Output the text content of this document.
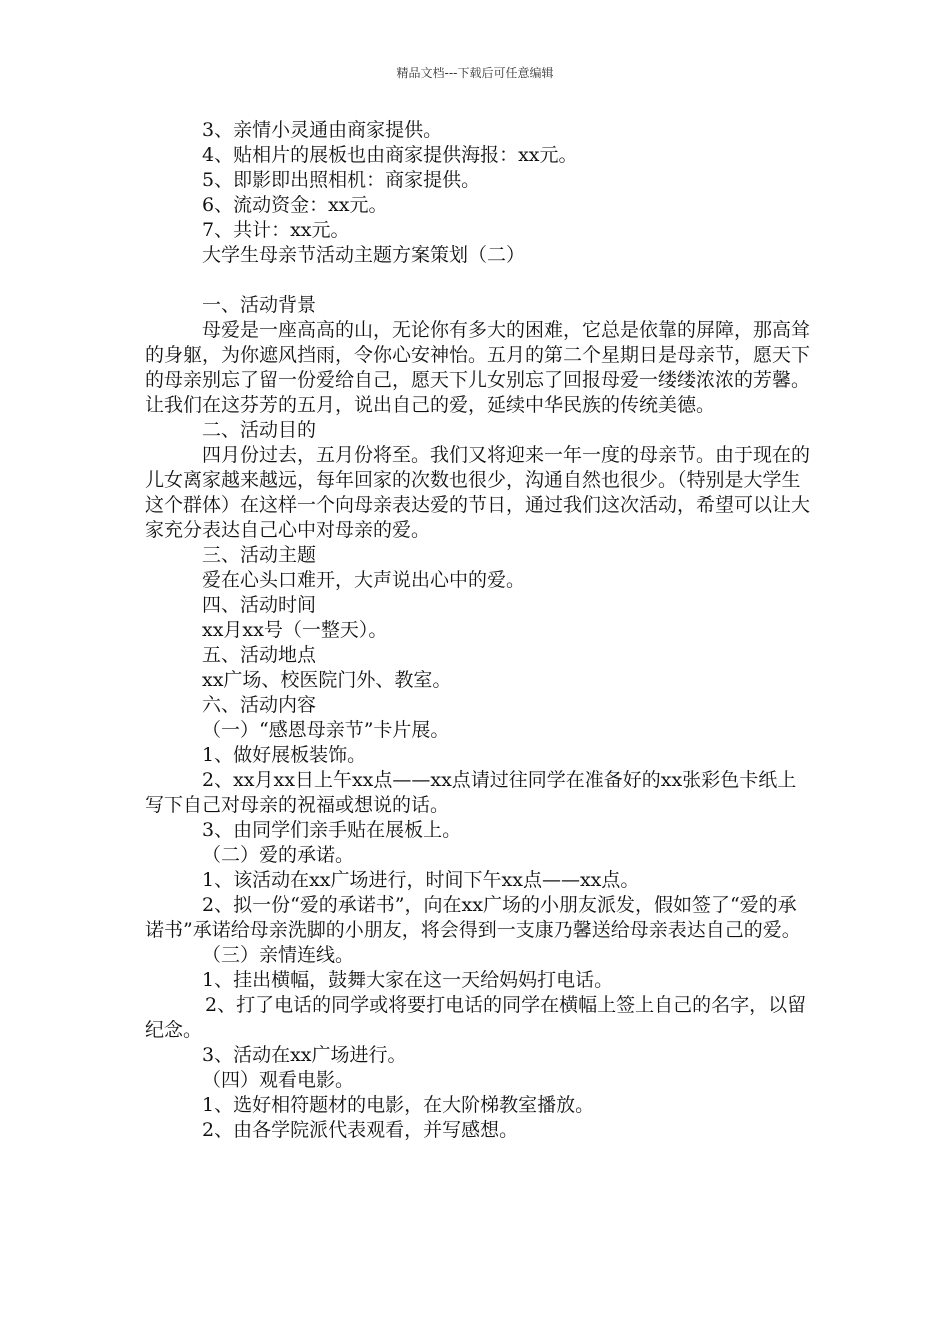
精品文档---下载后可任意编辑

3、亲情小灵通由商家提供。

4、贴相片的展板也由商家提供海报：xx元。

5、即影即出照相机：商家提供。

6、流动资金：xx元。

7、共计：xx元。

大学生母亲节活动主题方案策划（二）

一、活动背景

母爱是一座高高的山，无论你有多大的困难，它总是依靠的屏障，那高耸的身躯，为你遮风挡雨，令你心安神怡。五月的第二个星期日是母亲节，愿天下的母亲别忘了留一份爱给自己，愿天下儿女别忘了回报母爱一缕缕浓浓的芳馨。让我们在这芬芳的五月，说出自己的爱，延续中华民族的传统美德。

二、活动目的

四月份过去，五月份将至。我们又将迎来一年一度的母亲节。由于现在的儿女离家越来越远，每年回家的次数也很少，沟通自然也很少。（特别是大学生这个群体）在这样一个向母亲表达爱的节日，通过我们这次活动，希望可以让大家充分表达自己心中对母亲的爱。

三、活动主题

爱在心头口难开，大声说出心中的爱。

四、活动时间

xx月xx号（一整天）。

五、活动地点

xx广场、校医院门外、教室。

六、活动内容

（一）“感恩母亲节”卡片展。

1、做好展板装饰。

2、xx月xx日上午xx点——xx点请过往同学在准备好的xx张彩色卡纸上写下自己对母亲的祝福或想说的话。

3、由同学们亲手贴在展板上。

（二）爱的承诺。

1、该活动在xx广场进行，时间下午xx点——xx点。

2、拟一份“爱的承诺书”，向在xx广场的小朋友派发，假如签了“爱的承诺书”承诺给母亲洗脚的小朋友，将会得到一支康乃馨送给母亲表达自己的爱。

（三）亲情连线。

1、挂出横幅，鼓舞大家在这一天给妈妈打电话。

2、打了电话的同学或将要打电话的同学在横幅上签上自己的名字，以留纪念。

3、活动在xx广场进行。

（四）观看电影。

1、选好相符题材的电影，在大阶梯教室播放。

2、由各学院派代表观看，并写感想。
